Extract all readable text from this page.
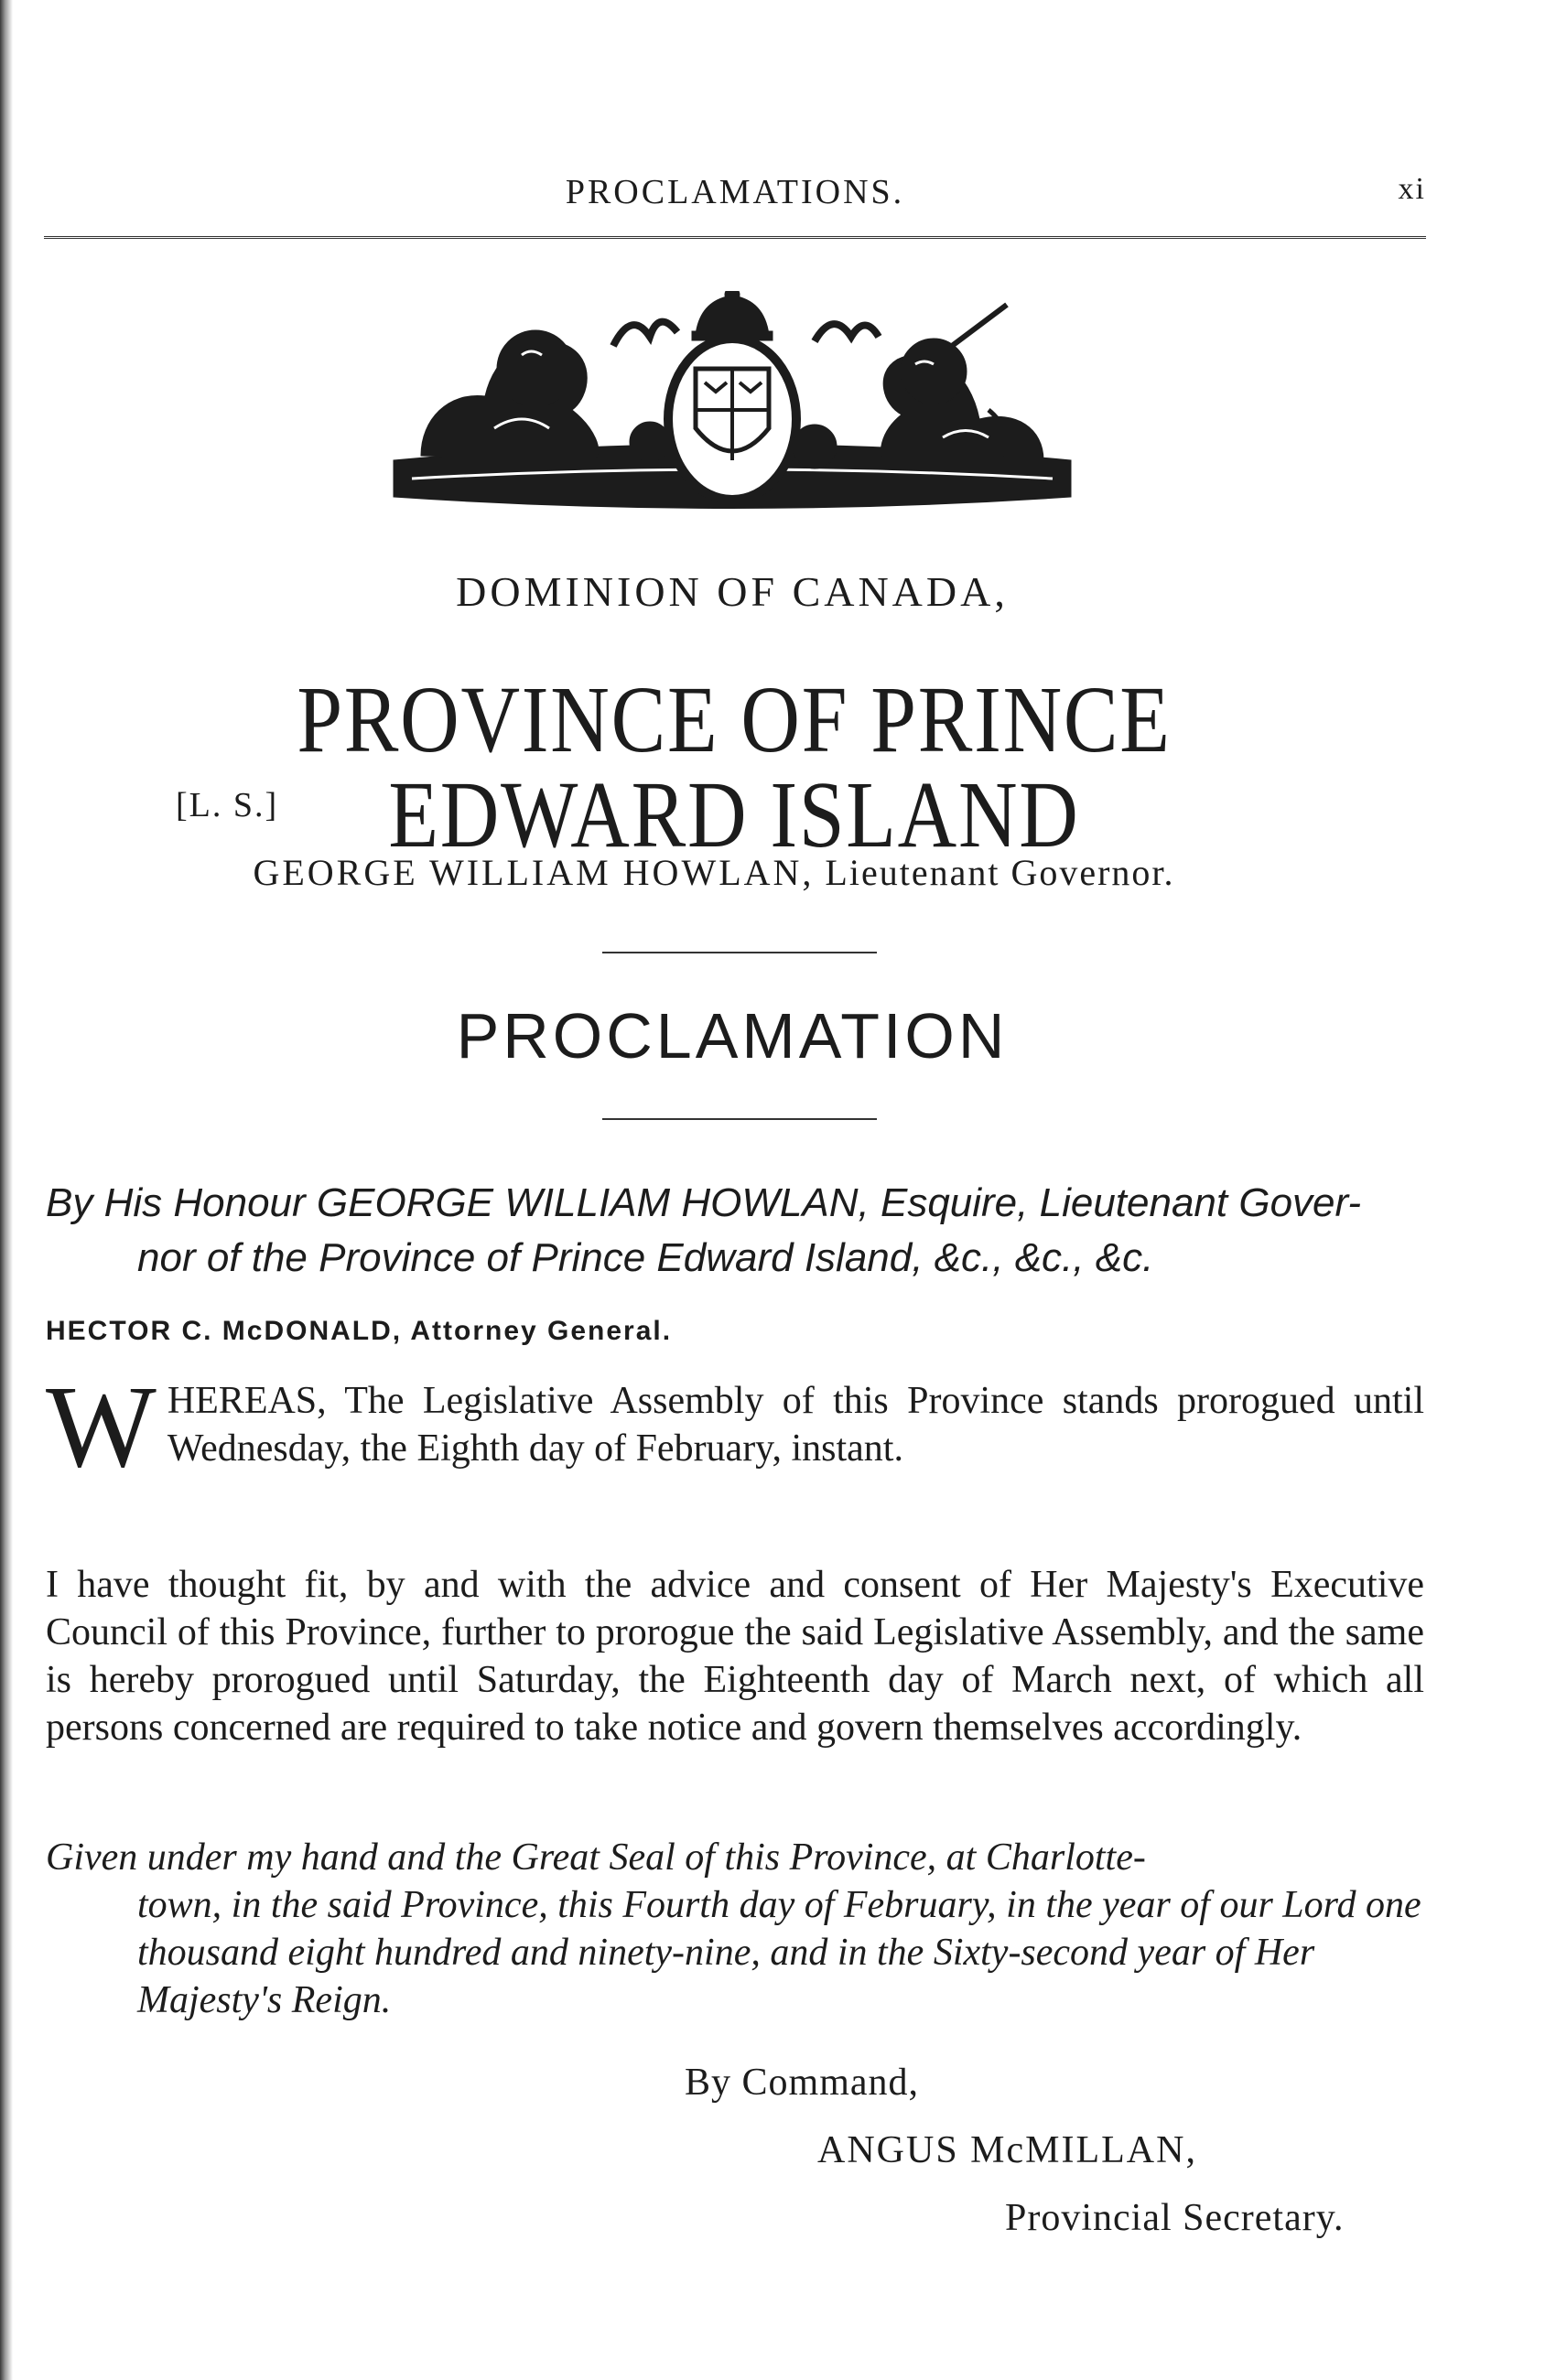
PROCLAMATIONS.	xi
DOMINION OF CANADA,
PROVINCE OF PRINCE EDWARD ISLAND
[L. S.]
GEORGE WILLIAM HOWLAN, Lieutenant Governor.
PROCLAMATION
By His Honour GEORGE WILLIAM HOWLAN, Esquire, Lieutenant Gover-
nor of the Province of Prince Edward Island, &c., &c., &c.
HECTOR C. McDONALD, Attorney General.
WHEREAS, The Legislative Assembly of this Province stands prorogued until Wednesday, the Eighth day of February, instant.
I have thought fit, by and with the advice and consent of Her Majesty's Executive Council of this Province, further to prorogue the said Legislative Assembly, and the same is hereby prorogued until Saturday, the Eighteenth day of March next, of which all persons concerned are required to take notice and govern themselves accordingly.
Given under my hand and the Great Seal of this Province, at Charlotte-
town, in the said Province, this Fourth day of February, in the year of our Lord one thousand eight hundred and ninety-nine, and in the Sixty-second year of Her Majesty's Reign.
By Command,
ANGUS McMILLAN,
Provincial Secretary.
